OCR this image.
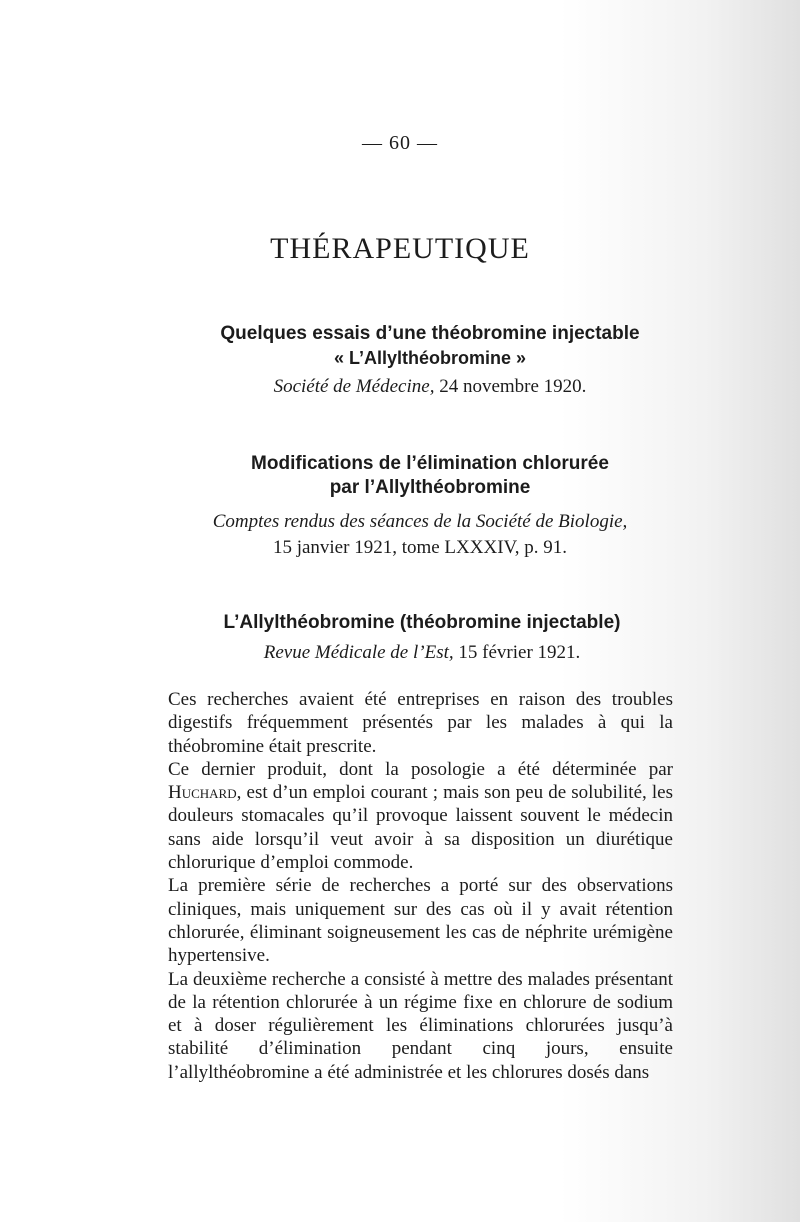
— 60 —
THÉRAPEUTIQUE
Quelques essais d’une théobromine injectable
« L’Allylthéobromine »
Société de Médecine, 24 novembre 1920.
Modifications de l’élimination chlorurée
par l’Allylthéobromine
Comptes rendus des séances de la Société de Biologie,
15 janvier 1921, tome LXXXIV, p. 91.
L’Allylthéobromine (théobromine injectable)
Revue Médicale de l’Est, 15 février 1921.

Ces recherches avaient été entreprises en raison des troubles digestifs fréquemment présentés par les malades à qui la théobromine était prescrite.

Ce dernier produit, dont la posologie a été déterminée par Huchard, est d’un emploi courant ; mais son peu de solubilité, les douleurs stomacales qu’il provoque laissent souvent le médecin sans aide lorsqu’il veut avoir à sa disposition un diurétique chlorurique d’emploi commode.

La première série de recherches a porté sur des observations cliniques, mais uniquement sur des cas où il y avait rétention chlorurée, éliminant soigneusement les cas de néphrite urémigène hypertensive.

La deuxième recherche a consisté à mettre des malades présentant de la rétention chlorurée à un régime fixe en chlorure de sodium et à doser régulièrement les éliminations chlorurées jusqu’à stabilité d’élimination pendant cinq jours, ensuite l’allylthéobromine a été administrée et les chlorures dosés dans
